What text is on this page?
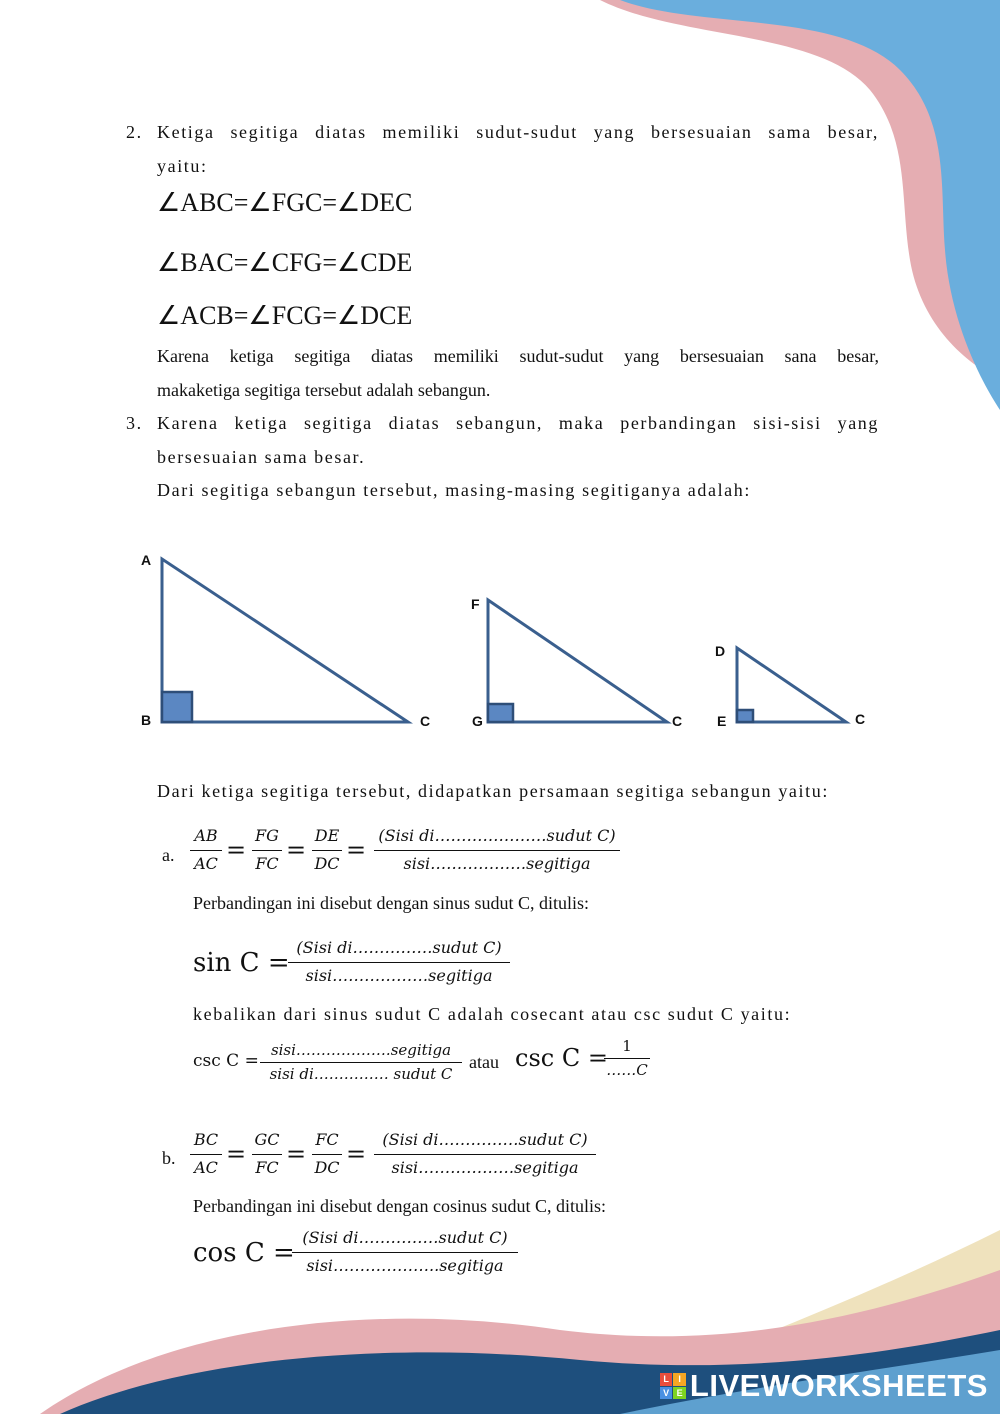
2. Ketiga segitiga diatas memiliki sudut-sudut yang bersesuaian sama besar,
yaitu:
∠ABC=∠FGC=∠DEC
∠BAC=∠CFG=∠CDE
∠ACB=∠FCG=∠DCE
Karena ketiga segitiga diatas memiliki sudut-sudut yang bersesuaian sana besar,
makaketiga segitiga tersebut adalah sebangun.
3. Karena ketiga segitiga diatas sebangun, maka perbandingan sisi-sisi yang
bersesuaian sama besar.
Dari segitiga sebangun tersebut, masing-masing segitiganya adalah:
A
B	C
F
G	C
D
E	C
Dari ketiga segitiga tersebut, didapatkan persamaan segitiga sebangun yaitu:
a.
AB
AC =
FG
FC =
DE
DC =
(Sisi di…………………sudut C)
sisi………………segitiga
Perbandingan ini disebut dengan sinus sudut C, ditulis:
sin C =
(Sisi di……………sudut C)
sisi………………segitiga
kebalikan dari sinus sudut C adalah cosecant atau csc sudut C yaitu:
csc C =
sisi……………….segitiga
sisi di…………… sudut C
atau csc C = 1
……C
b.
BC
AC =
GC
FC =
FC
DC =
(Sisi di……………sudut C)
sisi………………segitiga
Perbandingan ini disebut dengan cosinus sudut C, ditulis:
cos C =
(Sisi di……………sudut C)
sisi………………..segitiga
L	I
V E LIVEWORKSHEETS
